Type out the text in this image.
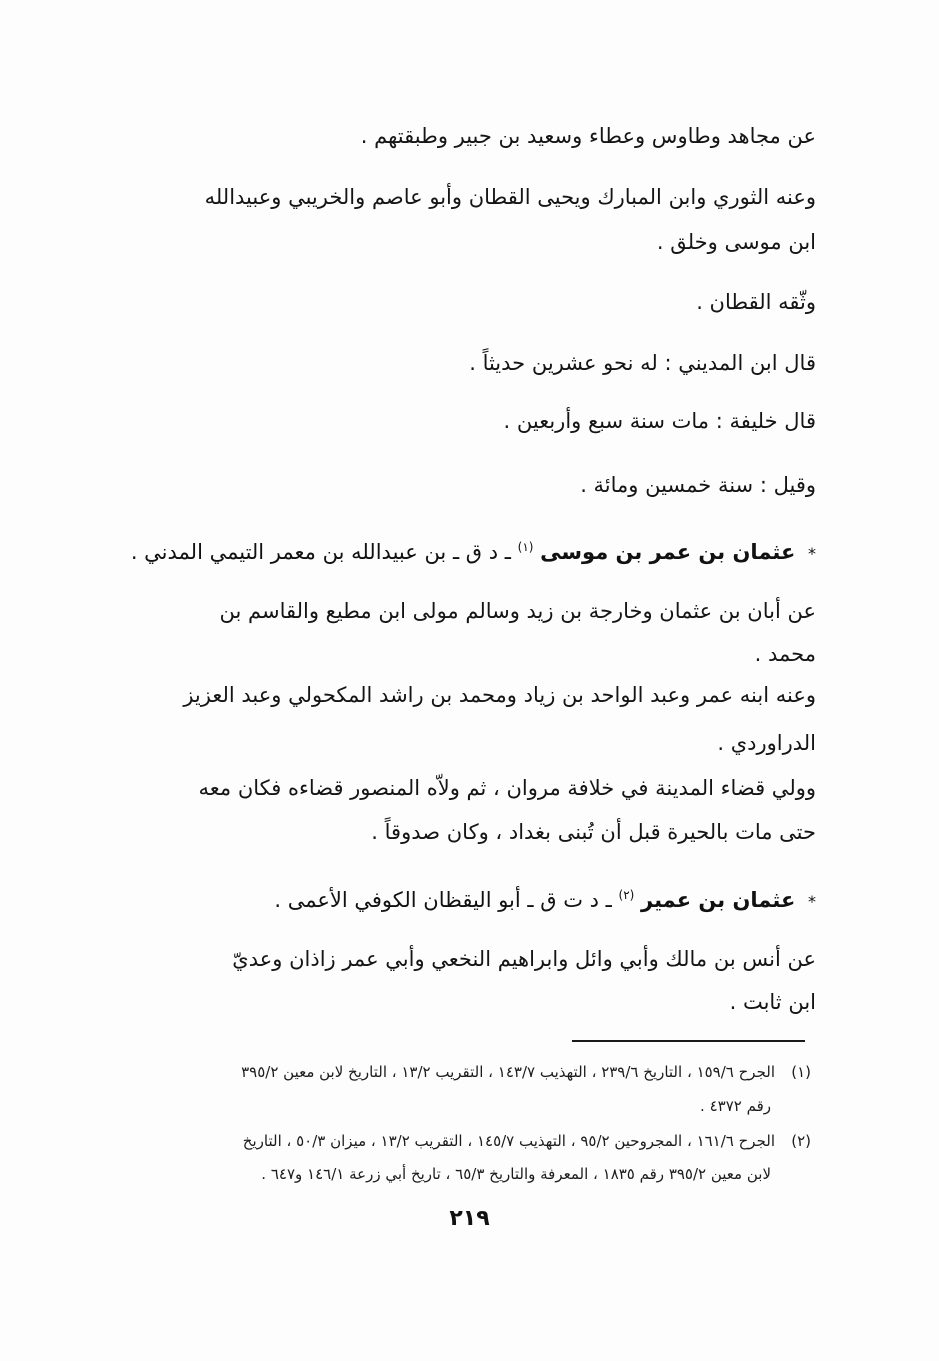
عن مجاهد وطاوس وعطاء وسعيد بن جبير وطبقتهم .
وعنه الثوري وابن المبارك ويحيى القطان وأبو عاصم والخريبي وعبيدالله
ابن موسى وخلق .
وثّقه القطان .
قال ابن المديني : له نحو عشرين حديثاً .
قال خليفة : مات سنة سبع وأربعين .
وقيل : سنة خمسين ومائة .
* عثمان بن عمر بن موسى $^{(١)}$ ـ د ق ـ بن عبيدالله بن معمر التيمي المدني .
عن أبان بن عثمان وخارجة بن زيد وسالم مولى ابن مطيع والقاسم بن
محمد .
وعنه ابنه عمر وعبد الواحد بن زياد ومحمد بن راشد المكحولي وعبد العزيز
الدراوردي .
وولي قضاء المدينة في خلافة مروان ، ثم ولاّه المنصور قضاءه فكان معه
حتى مات بالحيرة قبل أن تُبنى بغداد ، وكان صدوقاً .
* عثمان بن عمير $^{(٢)}$ ـ د ت ق ـ أبو اليقظان الكوفي الأعمى .
عن أنس بن مالك وأبي وائل وابراهيم النخعي وأبي عمر زاذان وعديّ
ابن ثابت .
(١)الجرح ١٥٩/٦ ، التاريخ ٢٣٩/٦ ، التهذيب ١٤٣/٧ ، التقريب ١٣/٢ ، التاريخ لابن معين ٣٩٥/٢
رقم ٤٣٧٢ .
(٢)الجرح ١٦١/٦ ، المجروحين ٩٥/٢ ، التهذيب ١٤٥/٧ ، التقريب ١٣/٢ ، ميزان ٥٠/٣ ، التاريخ
لابن معين ٣٩٥/٢ رقم ١٨٣٥ ، المعرفة والتاريخ ٦٥/٣ ، تاريخ أبي زرعة ١٤٦/١ و٦٤٧ .
٢١٩
